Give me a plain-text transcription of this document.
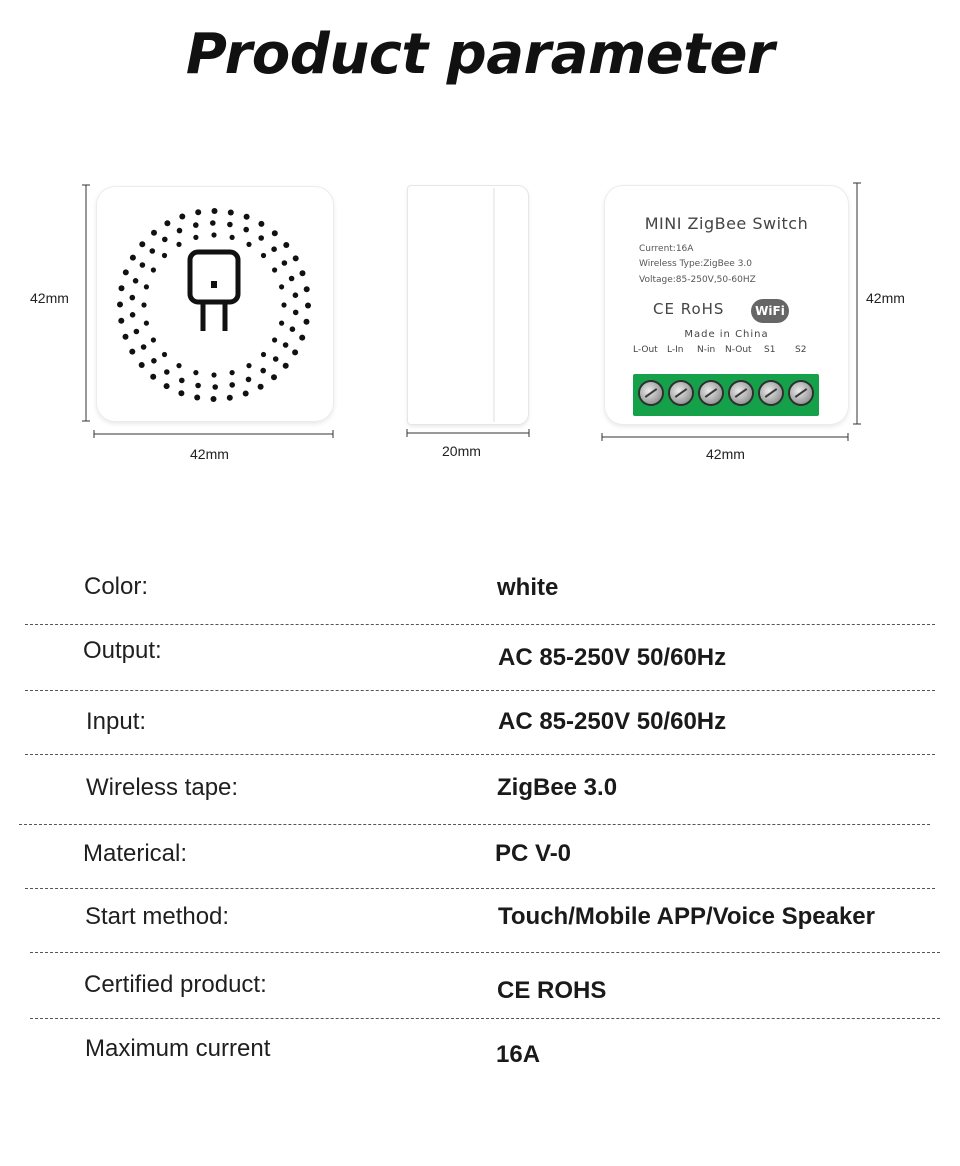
Product parameter
42mm
42mm	20mm
42mm
42mm
MINI ZigBee Switch
Current:16A
Wireless Type:ZigBee 3.0
Voltage:85-250V,50-60HZ
CE RoHS	WiFi
Made in China
L-Out L-In N-in N-Out S1 S2
Color:	white
Output:	AC 85-250V 50/60Hz
Input:	AC 85-250V 50/60Hz
Wireless tape:	ZigBee 3.0
Materical:	PC V-0
Start method:	Touch/Mobile APP/Voice Speaker
Certified product:	CE ROHS
Maximum current	16A
